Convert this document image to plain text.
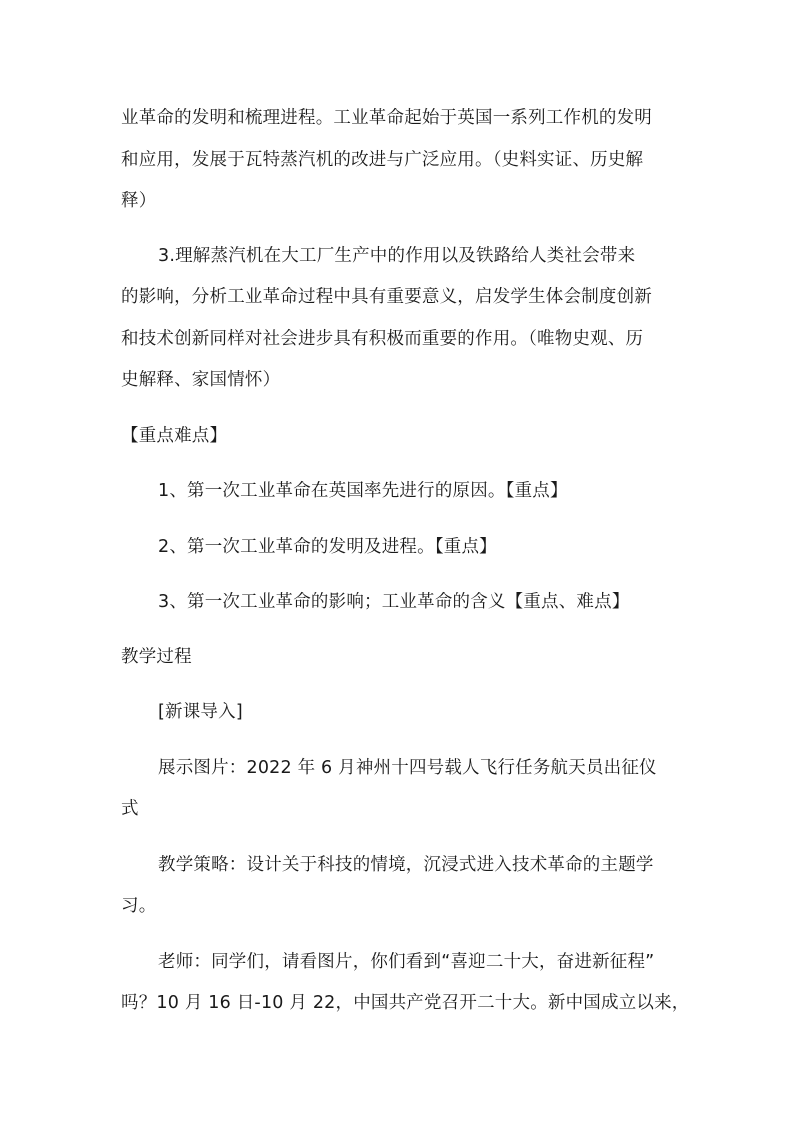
业革命的发明和梳理进程。工业革命起始于英国一系列工作机的发明
和应用，发展于瓦特蒸汽机的改进与广泛应用。（史料实证、历史解
释）
3.理解蒸汽机在大工厂生产中的作用以及铁路给人类社会带来
的影响，分析工业革命过程中具有重要意义，启发学生体会制度创新
和技术创新同样对社会进步具有积极而重要的作用。（唯物史观、历
史解释、家国情怀）
【重点难点】
1、第一次工业革命在英国率先进行的原因。【重点】
2、第一次工业革命的发明及进程。【重点】
3、第一次工业革命的影响；工业革命的含义【重点、难点】
教学过程
[新课导入]
展示图片：2022 年 6 月神州十四号载人飞行任务航天员出征仪
式
教学策略：设计关于科技的情境，沉浸式进入技术革命的主题学
习。
老师：同学们，请看图片，你们看到“喜迎二十大，奋进新征程”
吗？10 月 16 日-10 月 22，中国共产党召开二十大。新中国成立以来，
